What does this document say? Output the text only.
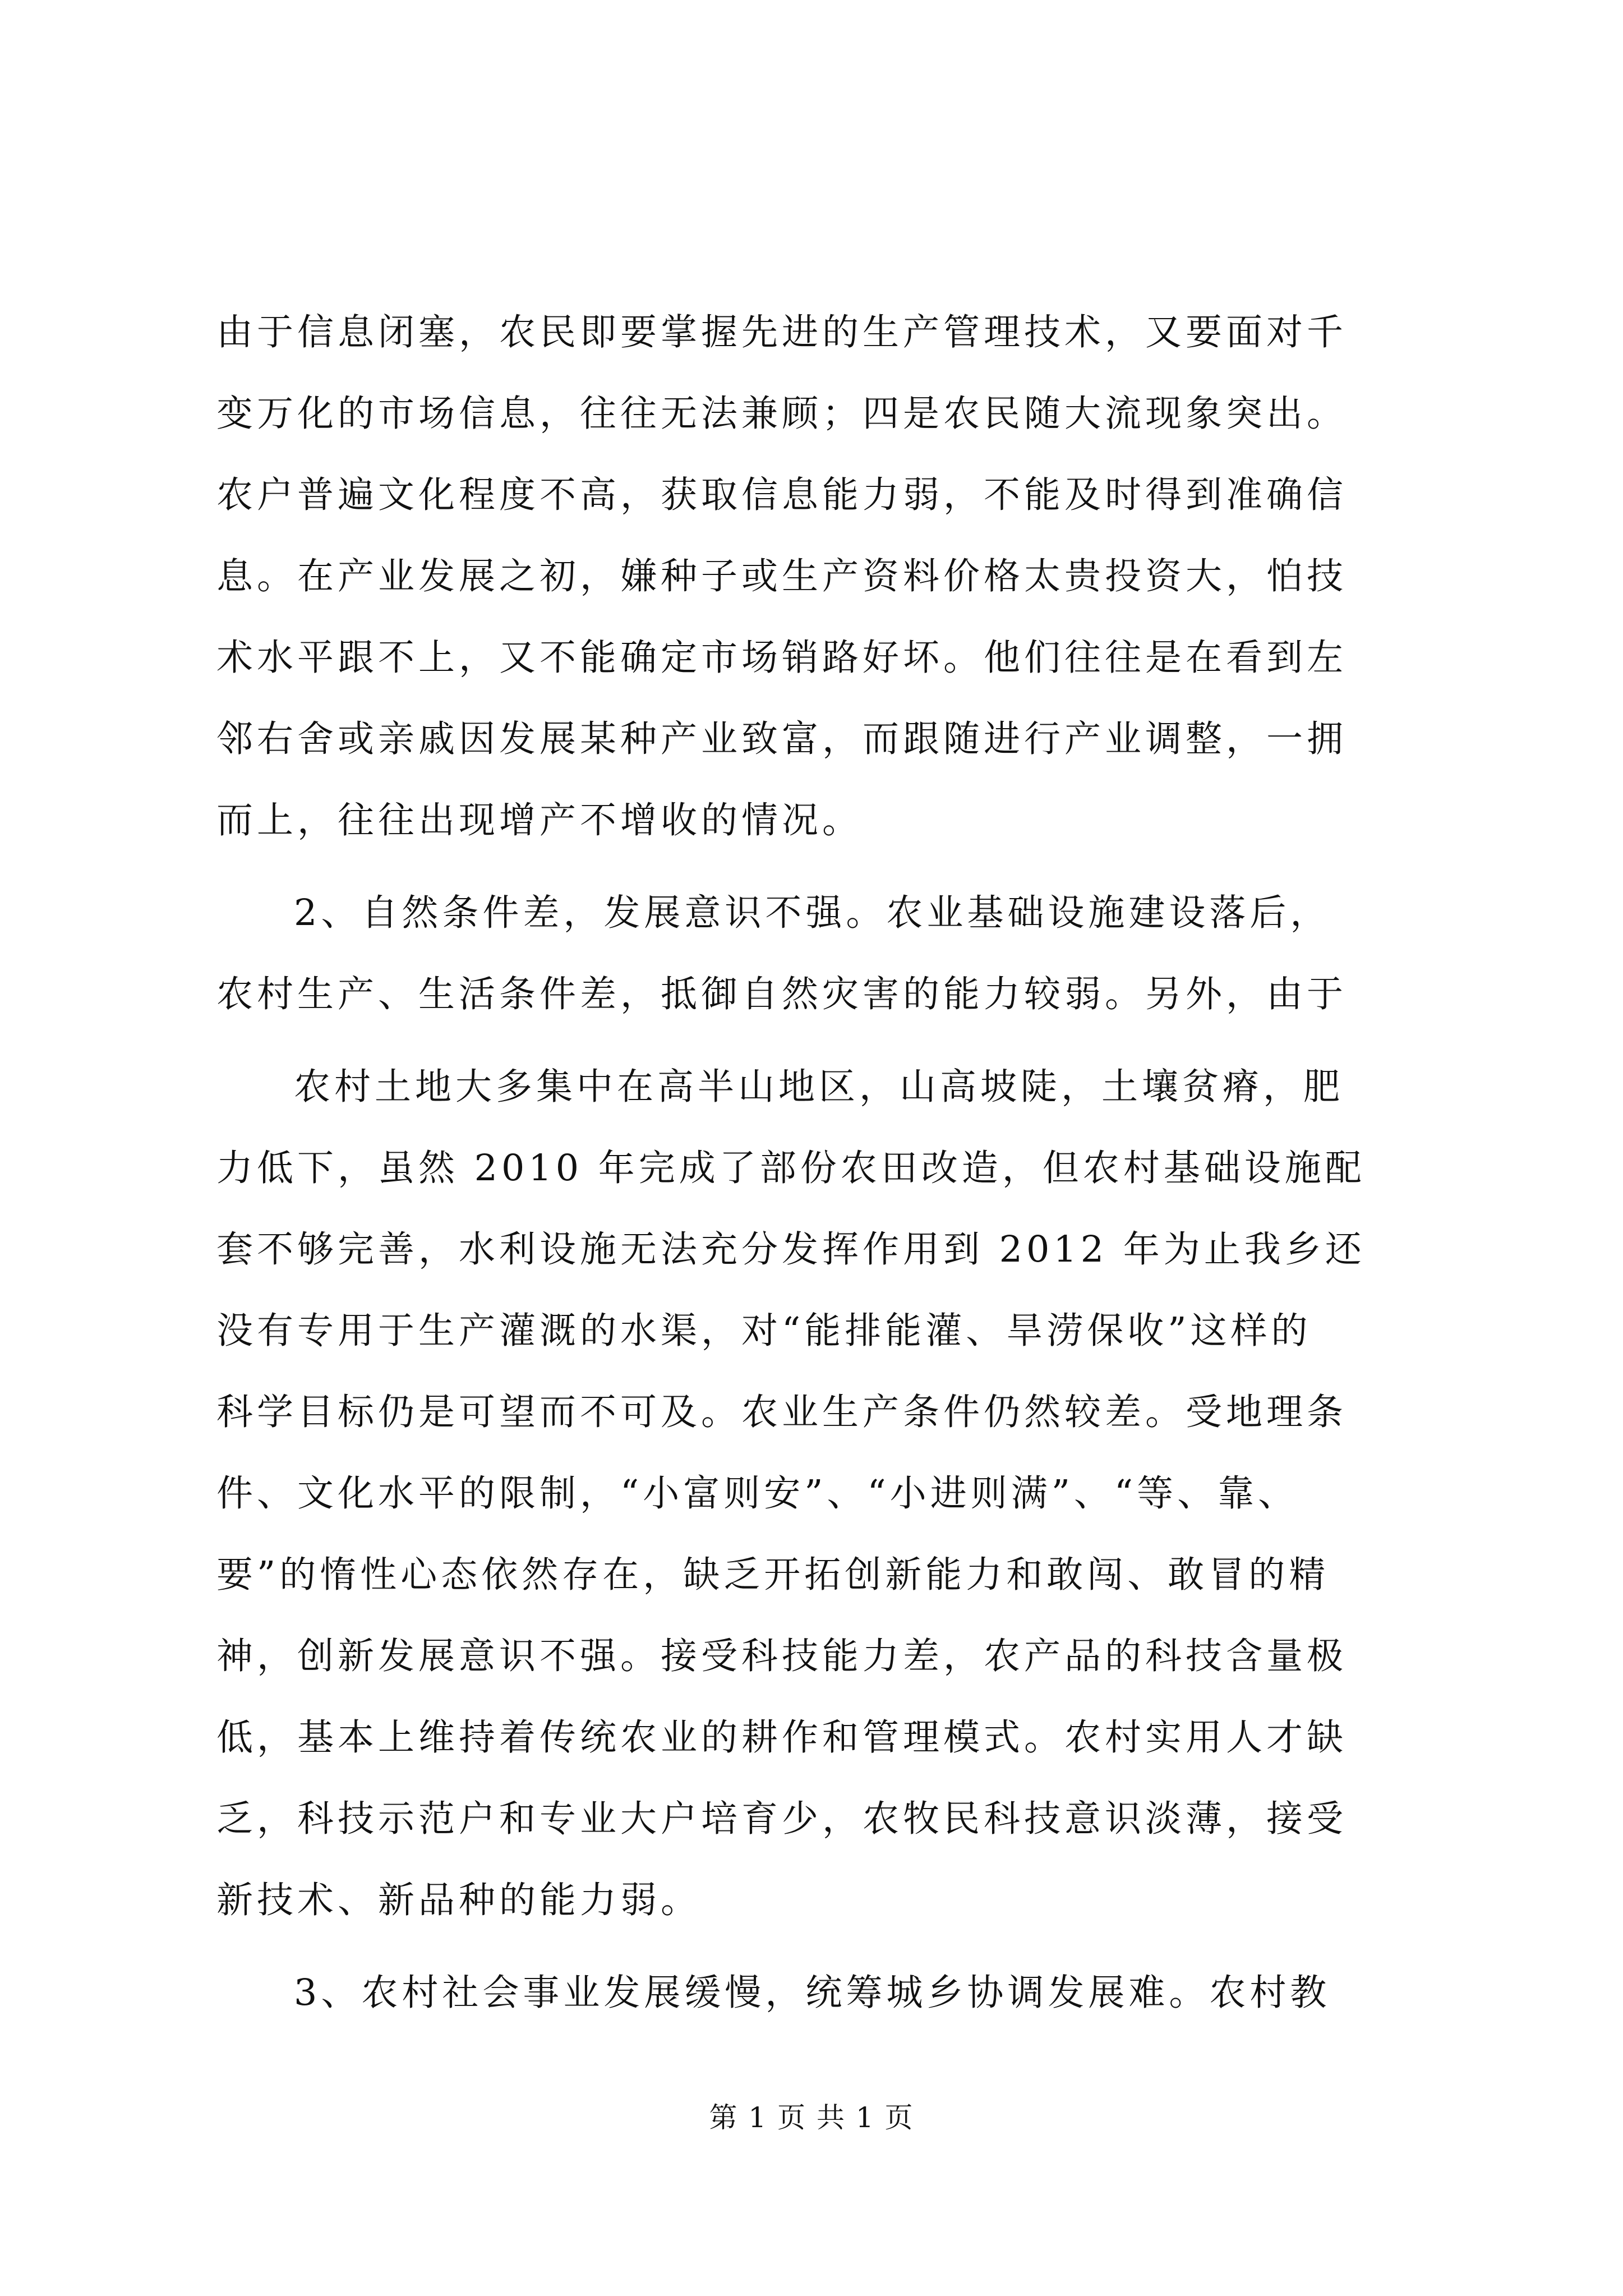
由于信息闭塞，农民即要掌握先进的生产管理技术，又要面对千
变万化的市场信息，往往无法兼顾；四是农民随大流现象突出。
农户普遍文化程度不高，获取信息能力弱，不能及时得到准确信
息。在产业发展之初，嫌种子或生产资料价格太贵投资大，怕技
术水平跟不上，又不能确定市场销路好坏。他们往往是在看到左
邻右舍或亲戚因发展某种产业致富，而跟随进行产业调整，一拥
而上，往往出现增产不增收的情况。
2、自然条件差，发展意识不强。农业基础设施建设落后，
农村生产、生活条件差，抵御自然灾害的能力较弱。另外，由于
农村土地大多集中在高半山地区，山高坡陡，土壤贫瘠，肥
力低下，虽然 2010 年完成了部份农田改造，但农村基础设施配
套不够完善，水利设施无法充分发挥作用到 2012 年为止我乡还
没有专用于生产灌溉的水渠，对“能排能灌、旱涝保收”这样的
科学目标仍是可望而不可及。农业生产条件仍然较差。受地理条
件、文化水平的限制，“小富则安”、“小进则满”、“等、靠、
要”的惰性心态依然存在，缺乏开拓创新能力和敢闯、敢冒的精
神，创新发展意识不强。接受科技能力差，农产品的科技含量极
低，基本上维持着传统农业的耕作和管理模式。农村实用人才缺
乏，科技示范户和专业大户培育少，农牧民科技意识淡薄，接受
新技术、新品种的能力弱。
3、农村社会事业发展缓慢，统筹城乡协调发展难。农村教
第 1 页 共 1 页
